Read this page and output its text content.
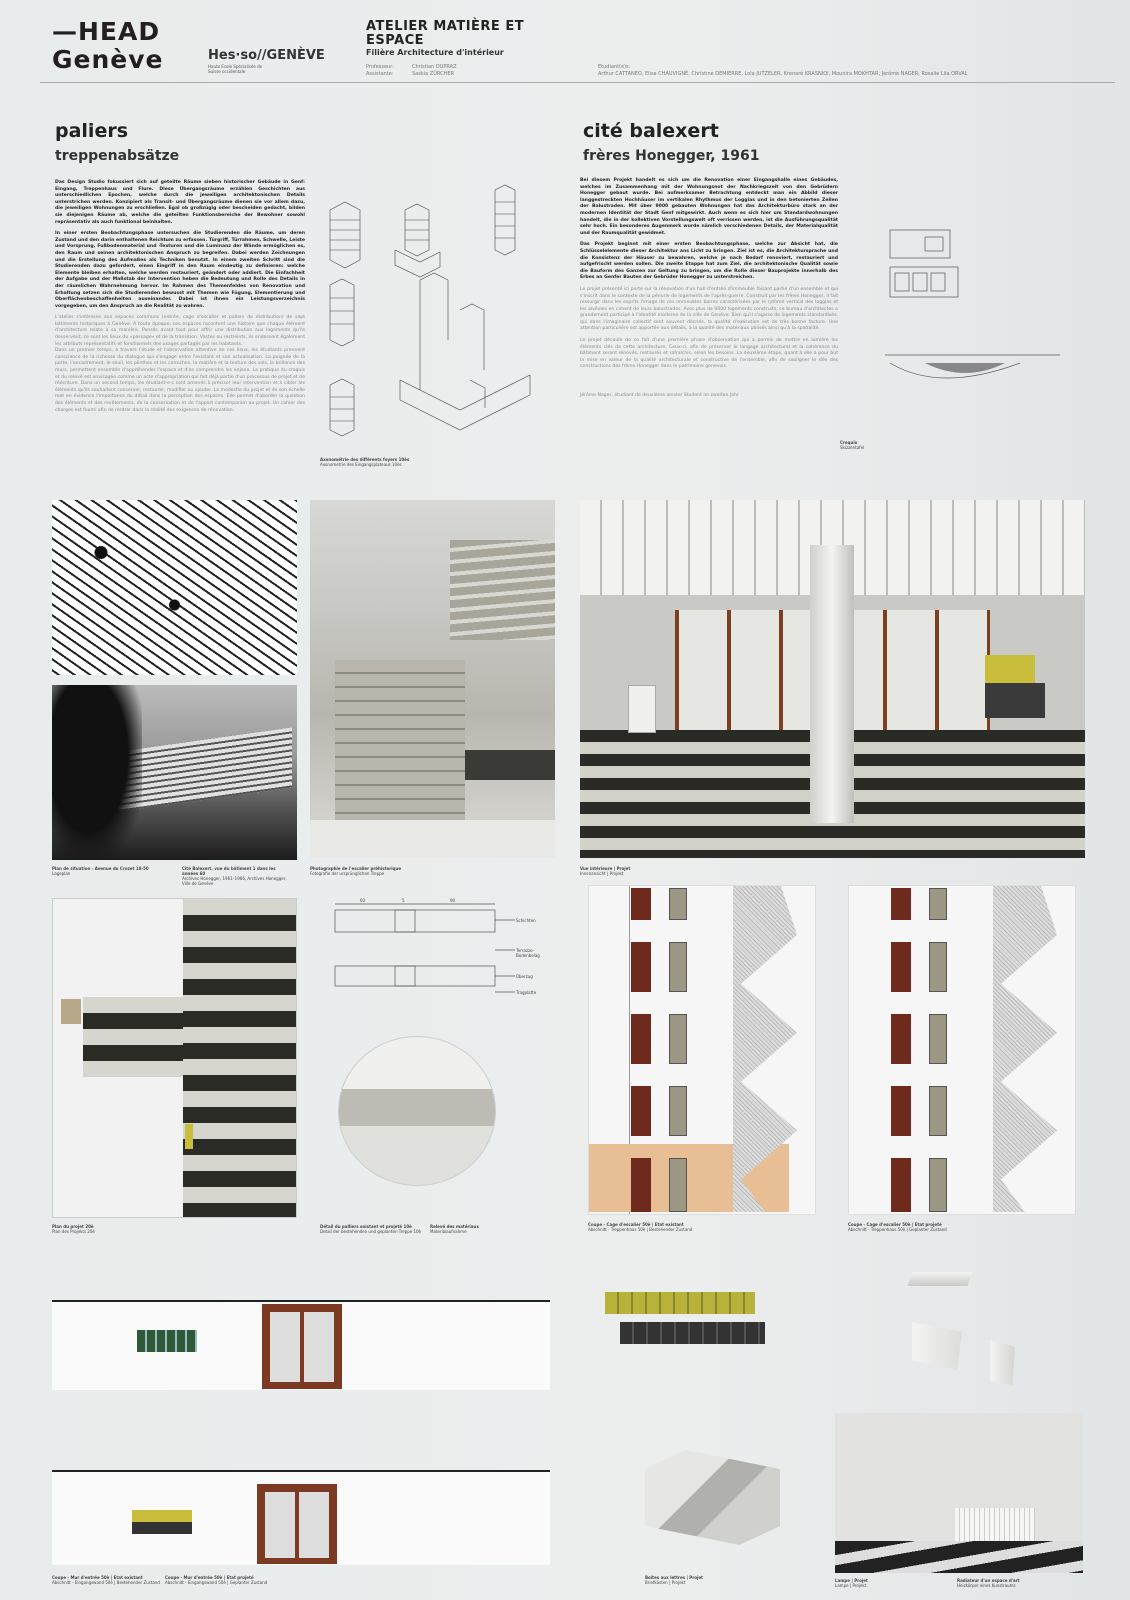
—HEAD
Genève	Hes·so//GENÈVE
Haute Ecole Spécialisée de Suisse occidentale
ATELIER MATIÈRE ET
ESPACE
Filière Architecture d'intérieur
Professeur:	Christian DUPRAZ
Assistante:	Saskia ZÜRCHER
Etudiant(e)s:
Arthur CATTANEO, Elise CHAUVIGNÉ, Christine DEMIERRE, Lola JUTZELER, Krenaré KRASNIQI, Mounira MOKHTAR, Jérôme NAGER, Rosalie Lila ORVAL
paliers
treppenabsätze

Das Design Studio fokussiert sich auf geteilte Räume sieben historischer Gebäude in Genf: Eingang, Treppenhaus und Flure. Diese Übergangsräume erzählen Geschichten aus unterschiedlichen Epochen, welche durch die jeweiligen architektonischen Details unterstrichen werden. Konzipiert als Transit- und Übergangsräume dienen sie vor allem dazu, die jeweiligen Wohnungen zu erschließen. Egal ob großzügig oder bescheiden gedacht, bilden sie diejenigen Räume ab, welche die geteilten Funktionsbereiche der Bewohner sowohl repräsentativ als auch funktional beinhalten.

In einer ersten Beobachtungsphase untersuchen die Studierenden die Räume, um deren Zustand und den darin enthaltenen Reichtum zu erfassen. Türgriff, Türrahmen, Schwelle, Leiste und Vorsprung, Fußbodenmaterial und -Texturen und die Luminanz der Wände ermöglichen es, den Raum und seinen architektonischen Anspruch zu begreifen. Dabei werden Zeichnungen und die Erstellung des Aufmaßes als Techniken benutzt. In einem zweiten Schritt sind die Studierenden dazu gefordert, einen Eingriff in den Raum eindeutig zu definieren: welche Elemente bleiben erhalten, welche werden restauriert, geändert oder addiert. Die Einfachheit der Aufgabe und der Maßstab der Intervention heben die Bedeutung und Rolle des Details in der räumlichen Wahrnehmung hervor. Im Rahmen des Themenfeldes von Renovation und Erhaltung setzen sich die Studierenden bewusst mit Themen wie Fügung, Elementierung und Oberflächenbeschaffenheiten auseinander. Dabei ist ihnen ein Leistungsverzeichnis vorgegeben, um den Anspruch an die Realität zu wahren.

L'atelier s'intéresse aux espaces communs (entrée, cage d'escalier et paliers de distribution) de sept bâtiments historiques à Genève. A toute époque, ces espaces racontent une histoire que chaque élément d'architecture relate à sa manière. Pensés avant tout pour offrir une distribution aux logements qu'ils desservent, ce sont les lieux du «passage» et de la transition. Vastes ou restreints, ils endossent également les attributs représentatifs et fonctionnels des usages partagés par les habitants.

Dans un premier temps, à travers l'étude et l'observation attentive de ces lieux, les étudiants prennent conscience de la richesse du dialogue qui s'engage entre l'existant et son actualisation. La poignée de la porte, l'encadrement, le seuil, les plinthes et les corniches, la matière et la texture des sols, la brillance des murs, permettent ensemble d'appréhender l'espace et d'en comprendre les enjeux. La pratique du croquis et du relevé est envisagée comme un acte d'appropriation qui fait déjà partie d'un processus de projet et de réécriture. Dans un second temps, les étudiant-e-s sont amenés à préciser leur intervention et à cibler les éléments qu'ils souhaitent conserver, restaurer, modifier ou ajouter. La modestie du projet et de son échelle met en évidence l'importance du détail dans la perception des espaces. Elle permet d'aborder la question des éléments et des revêtements, de la conservation et de l'apport contemporain au projet. Un cahier des charges est fourni afin de rentrer dans la réalité des exigences de rénovation.

Axonométrie des différents foyers 10ès
Axonometrie des Eingangsplateaus 10ès
cité balexert
frères Honegger, 1961

Bei diesem Projekt handelt es sich um die Renovation einer Eingangshalle eines Gebäudes, welches im Zusammenhang mit der Wohnungsnot der Nachkriegszeit von den Gebrüdern Honegger gebaut wurde. Bei aufmerksamer Betrachtung entdeckt man ein Abbild dieser langgestreckten Hochhäuser im vertikalen Rhythmus der Loggias und in den betonierten Zellen der Balustraden. Mit über 9000 gebauten Wohnungen hat das Architekturbüro stark an der modernen Identität der Stadt Genf mitgewirkt. Auch wenn es sich hier um Standardwohnungen handelt, die in der kollektiven Vorstellungswelt oft verrissen werden, ist die Ausführungsqualität sehr hoch. Ein besonderes Augenmerk wurde nämlich verschiedenen Details, der Materialqualität und der Raumqualität gewidmet.

Das Projekt beginnt mit einer ersten Beobachtungsphase, welche zur Absicht hat, die Schlüsselelemente dieser Architektur ans Licht zu bringen. Ziel ist es, die Architektursprache und die Konsistenz der Häuser zu bewahren, welche je nach Bedarf renoviert, restauriert und aufgefrischt werden sollen. Die zweite Etappe hat zum Ziel, die architektonische Qualität sowie die Bauform des Ganzen zur Geltung zu bringen, um die Rolle dieser Bauprojekte innerhalb des Erbes an Genfer Bauten der Gebrüder Honegger zu unterstreichen.

Le projet présenté ici porte sur la rénovation d'un hall d'entrée d'immeuble faisant partie d'un ensemble et qui s'inscrit dans le contexte de la pénurie de logements de l'après-guerre. Construit par les frères Honegger, il fait ressurgir dans les esprits l'image de ces immeubles barres caractérisées par le rythme vertical des loggias et les alvéoles en ciment de leurs balustrades. Avec plus de 9000 logements construits, ce bureau d'architectes a grandement participé à l'identité moderne de la ville de Genève. Bien qu'il s'agisse de logements standardisés, qui dans l'imaginaire collectif sont souvent décriés, la qualité d'exécution est de très bonne facture. Une attention particulière est apportée aux détails, à la qualité des matériaux utilisés ainsi qu'à la spatialité.

Le projet découle de ce fait d'une première phase d'observation qui a permis de mettre en lumière les éléments clés de cette architecture. Ceux-ci, afin de préserver le langage architectural et la cohérence du bâtiment seront rénovés, restaurés et rafraîchis, selon les besoins. La deuxième étape, quant à elle a pour but la mise en valeur de la qualité architecturale et constructive de l'ensemble, afin de souligner le rôle des constructions des frères Honegger dans le patrimoine genevois.

Jérôme Nager, étudiant de deuxième année/ Student im zweiten Jahr

Croquis
Skizzentafel
Plan de situation - Avenue du Crozet 18-50
Lageplan
Cité Balexert, vue du bâtiment 1 dans les années 60
Archives Honegger, 1961–1966, Archives Honegger, Ville de Genève
Photographie de l'escalier préhistorique
Fotografie der ursprünglichen Treppe
Vue intérieure | Projet
Innenansicht | Projekt
Plan du projet 20è
Plan des Projekts 20è
60	5	90
Schichten
Terrazzo-Bodenbelag
Überzug
Tragplatte
Détail du palliers existant et projeté 10è
Detail der bestehenden und geplanten Treppe 10è
Relevé des matériaux
Materialaufnahme
Coupe - Cage d'escalier 50è | Etat existant
Abschnitt - Treppenhaus 50è | Bestehender Zustand
Coupe - Cage d'escalier 50è | Etat projeté
Abschnitt - Treppenhaus 50è | Geplanter Zustand
Coupe - Mur d'entrée 50è | Etat existant
Abschnitt - Eingangswand 50è | Bestehender Zustand
Coupe - Mur d'entrée 50è | Etat projeté
Abschnitt - Eingangswand 50è | Geplanter Zustand
Boîtes aux lettres | Projet
Briefkästen | Projekt	Lampe | Projet
Lampe | Projekt
Radiateur d'un espace d'art
Heizkörper eines Kunstraums
